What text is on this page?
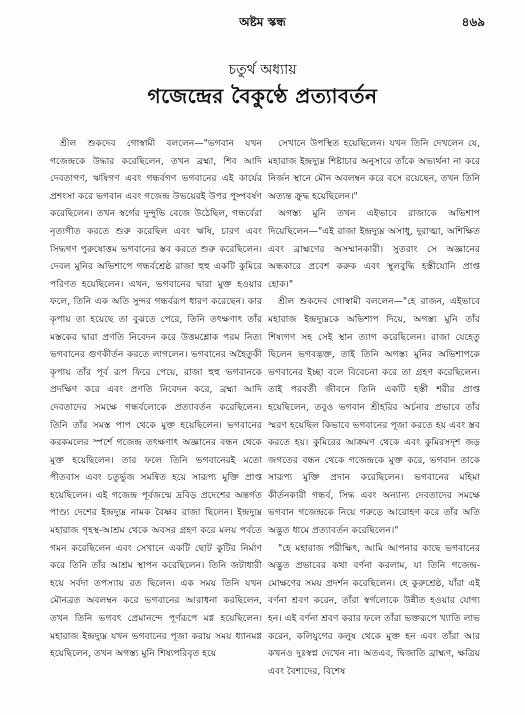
অষ্টম স্কন্ধ	৪৬৯
চতুর্থ অধ্যায়
গজেন্দ্রের বৈকুণ্ঠে প্রত্যাবর্তন

শ্রীল শুকদেব গোস্বামী বললেন—"ভগবান যখন গজেন্দ্রকে উদ্ধার করেছিলেন, তখন ব্রহ্মা, শিব আদি দেবতাগণ, ঋষিগণ এবং গন্ধর্বগণ ভগবানের এই কার্যের প্রশংসা করে ভগবান এবং গজেন্দ্র উভয়েরই উপর পুষ্পবর্ষণ করেছিলেন। তখন স্বর্গের দুন্দুভি বেজে উঠেছিল, গন্ধর্বেরা নৃত্যগীত করতে শুরু করেছিল এবং ঋষি, চারণ এবং সিদ্ধগণ পুরুষোত্তম ভগবানের স্তব করতে শুরু করেছিলেন। দেবল মুনির অভিশাপে গন্ধর্বশ্রেষ্ঠ রাজা হুহু একটি কুমিরে পরিণত হয়েছিলেন। এখন, ভগবানের দ্বারা মুক্ত হওয়ার ফলে, তিনি এক অতি সুন্দর গন্ধর্বরূপ ধারণ করেছেন। কার কৃপায় তা হয়েছে তা বুঝতে পেরে, তিনি তৎক্ষণাৎ তাঁর মস্তকের দ্বারা প্রণতি নিবেদন করে উত্তমশ্লোক পরম নিত্য ভগবানের গুণকীর্তন করতে লাগলেন। ভগবানের অহৈতুকী কৃপায় তাঁর পূর্ব রূপ ফিরে পেয়ে, রাজা হুহু ভগবানকে প্রদক্ষিণ করে এবং প্রণতি নিবেদন করে, ব্রহ্মা আদি দেবতাদের সমক্ষে গন্ধর্বলোকে প্রত্যাবর্তন করেছিলেন। তিনি তাঁর সমস্ত পাপ থেকে মুক্ত হয়েছিলেন। ভগবানের করকমলের স্পর্শে গজেন্দ্র তৎক্ষণাৎ অজ্ঞানের বন্ধন থেকে মুক্ত হয়েছিলেন। তার ফলে তিনি ভগবানেরই মতো পীতবাস এবং চতুর্ভুজ সমন্বিত হয়ে সারূপ্য মুক্তি প্রাপ্ত হয়েছিলেন। এই গজেন্দ্র পূর্বজন্মে দ্রবিড় প্রদেশের অন্তর্গত পাণ্ড্য দেশের ইন্দ্রদ্যুম্ন নামক বৈষ্ণব রাজা ছিলেন। ইন্দ্রদ্যুম্ন মহারাজ গৃহস্থ-আশ্রম থেকে অবসর গ্রহণ করে মলয় পর্বতে গমন করেছিলেন এবং সেখানে একটি ছোট কুটির নির্মাণ করে তিনি তাঁর আশ্রম স্থাপন করেছিলেন। তিনি জটাধারী হয়ে সর্বদা তপস্যায় রত ছিলেন। এক সময় তিনি যখন মৌনব্রত অবলম্বন করে ভগবানের আরাধনা করছিলেন, তখন তিনি ভগবৎ প্রেমানন্দে পূর্ণরূপে মগ্ন হয়েছিলেন। মহারাজ ইন্দ্রদ্যুম্ন যখন ভগবানের পূজা করায় সময় ধ্যানমগ্ন হয়েছিলেন, তখন অগস্ত্য মুনি শিষ্যপরিবৃত হয়ে

সেখানে উপস্থিত হয়েছিলেন। যখন তিনি দেখলেন যে, মহারাজ ইন্দ্রদ্যুম্ন শিষ্টাচার অনুসারে তাঁকে অভ্যর্থনা না করে নির্জন স্থানে মৌন অবলম্বন করে বসে রয়েছেন, তখন তিনি অত্যন্ত ক্রুদ্ধ হয়েছিলেন।"

অগস্ত্য মুনি তখন এইভাবে রাজাকে অভিশাপ দিয়েছিলেন—"এই রাজা ইন্দ্রদ্যুম্ন অসাধু, দুরাত্মা, অশিক্ষিত এবং ব্রাহ্মণের অসম্মানকারী। সুতরাং সে অজ্ঞানের অন্ধকারে প্রবেশ করুক এবং স্থূলবুদ্ধি হস্তীযোনি প্রাপ্ত হোক।"

শ্রীল শুকদেব গোস্বামী বললেন—"হে রাজন, এইভাবে মহারাজ ইন্দ্রদ্যুম্নকে অভিশাপ দিয়ে, অগস্ত্য মুনি তাঁর শিষ্যগণ সহ সেই স্থান ত্যাগ করেছিলেন। রাজা যেহেতু ছিলেন ভগবদ্ভক্ত, তাই তিনি অগস্ত্য মুনির অভিশাপকে ভগবানের ইচ্ছা বলে বিবেচনা করে তা গ্রহণ করেছিলেন। তাই পরবর্তী জীবনে তিনি একটি হস্তী শরীর প্রাপ্ত হয়েছিলেন, তবুও ভগবান শ্রীহরির অর্চনার প্রভাবে তাঁর স্মরণ হয়েছিল কিভাবে ভগবানের পূজা করতে হয় এবং স্তব করতে হয়। কুমিরের আক্রমণ থেকে এবং কুমিরসদৃশ জড় জগতের বন্ধন থেকে গজেন্দ্রকে মুক্ত করে, ভগবান তাকে সারূপ্য মুক্তি প্রদান করেছিলেন। ভগবানের মহিমা কীর্তনকারী গন্ধর্ব, সিদ্ধ এবং অন্যান্য দেবতাদের সমক্ষে ভগবান গজেন্দ্রকে নিয়ে গরুড়ে আরোহণ করে তাঁর অতি অদ্ভুত ধামে প্রত্যাবর্তন করেছিলেন।"

"হে মহারাজ পরীক্ষিৎ, আমি আপনার কাছে ভগবানের অদ্ভুত প্রভাবের কথা বর্ণনা করলাম, যা তিনি গজেন্দ্র-মোক্ষণের সময় প্রদর্শন করেছিলেন। হে কুরুশ্রেষ্ঠ, যাঁরা এই বর্ণনা শ্রবণ করেন, তাঁরা স্বর্গলোকে উন্নীত হওয়ার যোগ্য হন। এই বর্ণনা শ্রবণ করার ফলে তাঁরা ভক্তরূপে খ্যাতি লাভ করেন, কলিযুগের কলুষ থেকে মুক্ত হন এবং তাঁরা আর কখনও দুঃস্বপ্ন দেখেন না। অতএব, দ্বিজাতি ব্রাহ্মণ, ক্ষত্রিয় এবং বৈশ্যদের, বিশেষ
